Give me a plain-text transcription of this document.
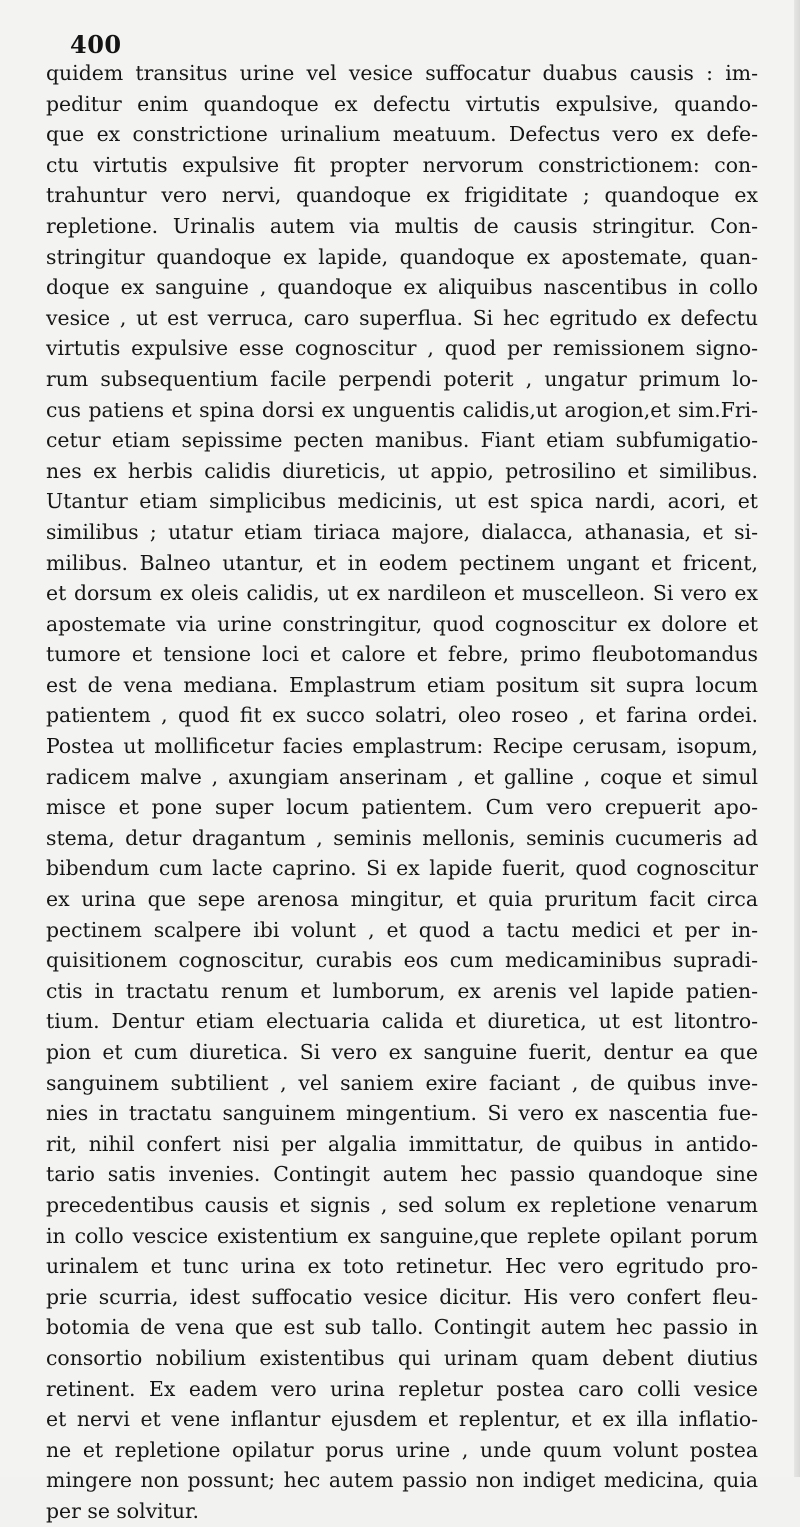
400
quidem transitus urine vel vesice suffocatur duabus causis : im-
peditur enim quandoque ex defectu virtutis expulsive, quando-
que ex constrictione urinalium meatuum. Defectus vero ex defe-
ctu virtutis expulsive fit propter nervorum constrictionem: con-
trahuntur vero nervi, quandoque ex frigiditate ; quandoque ex
repletione. Urinalis autem via multis de causis stringitur. Con-
stringitur quandoque ex lapide, quandoque ex apostemate, quan-
doque ex sanguine , quandoque ex aliquibus nascentibus in collo
vesice , ut est verruca, caro superflua. Si hec egritudo ex defectu
virtutis expulsive esse cognoscitur , quod per remissionem signo-
rum subsequentium facile perpendi poterit , ungatur primum lo-
cus patiens et spina dorsi ex unguentis calidis,ut arogion,et sim.Fri-
cetur etiam sepissime pecten manibus. Fiant etiam subfumigatio-
nes ex herbis calidis diureticis, ut appio, petrosilino et similibus.
Utantur etiam simplicibus medicinis, ut est spica nardi, acori, et
similibus ; utatur etiam tiriaca majore, dialacca, athanasia, et si-
milibus. Balneo utantur, et in eodem pectinem ungant et fricent,
et dorsum ex oleis calidis, ut ex nardileon et muscelleon. Si vero ex
apostemate via urine constringitur, quod cognoscitur ex dolore et
tumore et tensione loci et calore et febre, primo fleubotomandus
est de vena mediana. Emplastrum etiam positum sit supra locum
patientem , quod fit ex succo solatri, oleo roseo , et farina ordei.
Postea ut mollificetur facies emplastrum: Recipe cerusam, isopum,
radicem malve , axungiam anserinam , et galline , coque et simul
misce et pone super locum patientem. Cum vero crepuerit apo-
stema, detur dragantum , seminis mellonis, seminis cucumeris ad
bibendum cum lacte caprino. Si ex lapide fuerit, quod cognoscitur
ex urina que sepe arenosa mingitur, et quia pruritum facit circa
pectinem scalpere ibi volunt , et quod a tactu medici et per in-
quisitionem cognoscitur, curabis eos cum medicaminibus supradi-
ctis in tractatu renum et lumborum, ex arenis vel lapide patien-
tium. Dentur etiam electuaria calida et diuretica, ut est litontro-
pion et cum diuretica. Si vero ex sanguine fuerit, dentur ea que
sanguinem subtilient , vel saniem exire faciant , de quibus inve-
nies in tractatu sanguinem mingentium. Si vero ex nascentia fue-
rit, nihil confert nisi per algalia immittatur, de quibus in antido-
tario satis invenies. Contingit autem hec passio quandoque sine
precedentibus causis et signis , sed solum ex repletione venarum
in collo vescice existentium ex sanguine,que replete opilant porum
urinalem et tunc urina ex toto retinetur. Hec vero egritudo pro-
prie scurria, idest suffocatio vesice dicitur. His vero confert fleu-
botomia de vena que est sub tallo. Contingit autem hec passio in
consortio nobilium existentibus qui urinam quam debent diutius
retinent. Ex eadem vero urina repletur postea caro colli vesice
et nervi et vene inflantur ejusdem et replentur, et ex illa inflatio-
ne et repletione opilatur porus urine , unde quum volunt postea
mingere non possunt; hec autem passio non indiget medicina, quia
per se solvitur.
